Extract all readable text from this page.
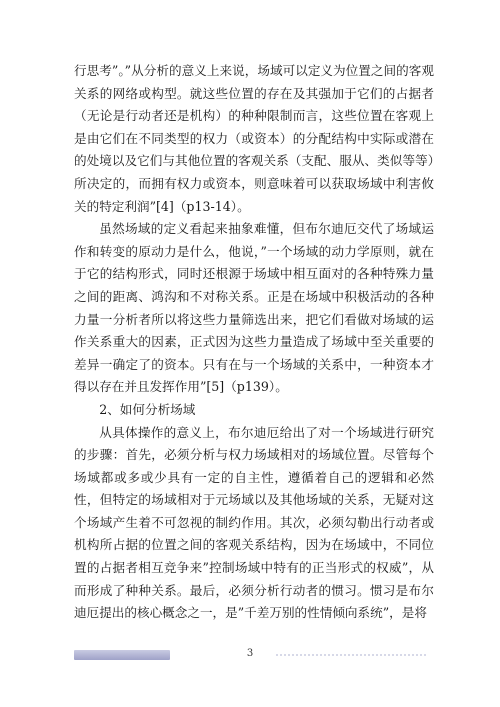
行思考”。”从分析的意义上来说，场域可以定义为位置之间的客观关系的网络或构型。就这些位置的存在及其强加于它们的占据者（无论是行动者还是机构）的种种限制而言，这些位置在客观上是由它们在不同类型的权力（或资本）的分配结构中实际或潜在的处境以及它们与其他位置的客观关系（支配、服从、类似等等）所决定的，而拥有权力或资本，则意味着可以获取场域中利害攸关的特定利润”[4]（p13-14）。

虽然场域的定义看起来抽象难懂，但布尔迪厄交代了场域运作和转变的原动力是什么，他说，”一个场域的动力学原则，就在于它的结构形式，同时还根源于场域中相互面对的各种特殊力量之间的距离、鸿沟和不对称关系。正是在场域中积极活动的各种力量一分析者所以将这些力量筛选出来，把它们看做对场域的运作关系重大的因素，正式因为这些力量造成了场域中至关重要的差异一确定了的资本。只有在与一个场域的关系中，一种资本才得以存在并且发挥作用”[5]（p139）。

2、如何分析场域

从具体操作的意义上，布尔迪厄给出了对一个场域进行研究的步骤：首先，必须分析与权力场域相对的场域位置。尽管每个场域都或多或少具有一定的自主性，遵循着自己的逻辑和必然性，但特定的场域相对于元场域以及其他场域的关系，无疑对这个场域产生着不可忽视的制约作用。其次，必须勾勒出行动者或机构所占据的位置之间的客观关系结构，因为在场域中，不同位置的占据者相互竞争来”控制场域中特有的正当形式的权威”，从而形成了种种关系。最后，必须分析行动者的惯习。惯习是布尔迪厄提出的核心概念之一，是”千差万别的性情倾向系统”，是将

3
